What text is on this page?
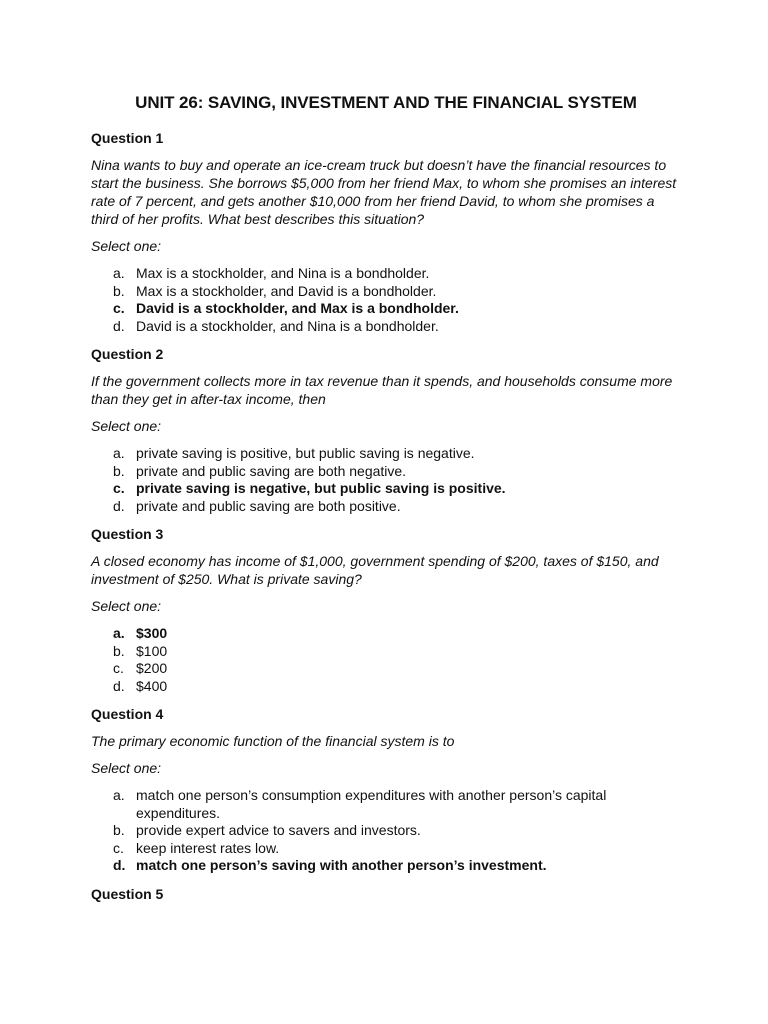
UNIT 26: SAVING, INVESTMENT AND THE FINANCIAL SYSTEM
Question 1

Nina wants to buy and operate an ice-cream truck but doesn’t have the financial resources to start the business. She borrows $5,000 from her friend Max, to whom she promises an interest rate of 7 percent, and gets another $10,000 from her friend David, to whom she promises a third of her profits. What best describes this situation?

Select one:

a. Max is a stockholder, and Nina is a bondholder.
b. Max is a stockholder, and David is a bondholder.
c. David is a stockholder, and Max is a bondholder.
d. David is a stockholder, and Nina is a bondholder.
Question 2

If the government collects more in tax revenue than it spends, and households consume more than they get in after-tax income, then

Select one:

a. private saving is positive, but public saving is negative.
b. private and public saving are both negative.
c. private saving is negative, but public saving is positive.
d. private and public saving are both positive.
Question 3

A closed economy has income of $1,000, government spending of $200, taxes of $150, and investment of $250. What is private saving?

Select one:

a. $300
b. $100
c. $200
d. $400
Question 4

The primary economic function of the financial system is to

Select one:

a. match one person’s consumption expenditures with another person’s capital expenditures.
b. provide expert advice to savers and investors.
c. keep interest rates low.
d. match one person’s saving with another person’s investment.
Question 5
